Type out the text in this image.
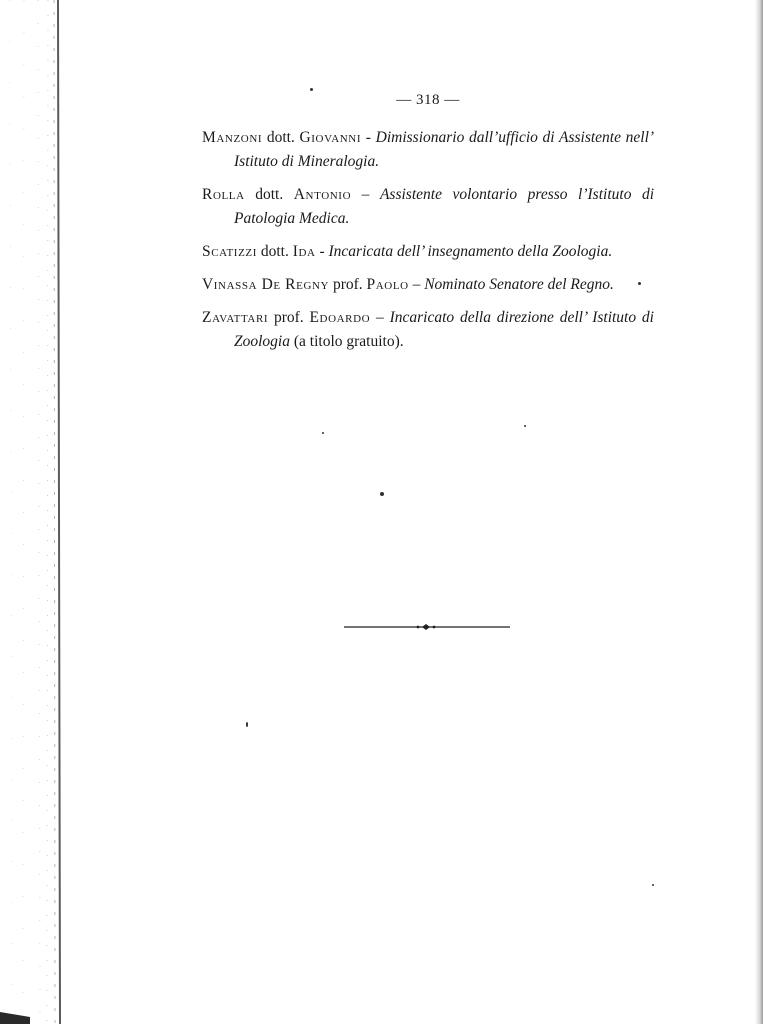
— 318 —
Manzoni dott. Giovanni - Dimissionario dall’ufficio di Assistente nell’ Istituto di Mineralogia.
Rolla dott. Antonio – Assistente volontario presso l’Istituto di Patologia Medica.
Scatizzi dott. Ida - Incaricata dell’ insegnamento della Zoologia.
Vinassa De Regny prof. Paolo – Nominato Senatore del Regno.
Zavattari prof. Edoardo – Incaricato della direzione dell’ Istituto di Zoologia (a titolo gratuito).
